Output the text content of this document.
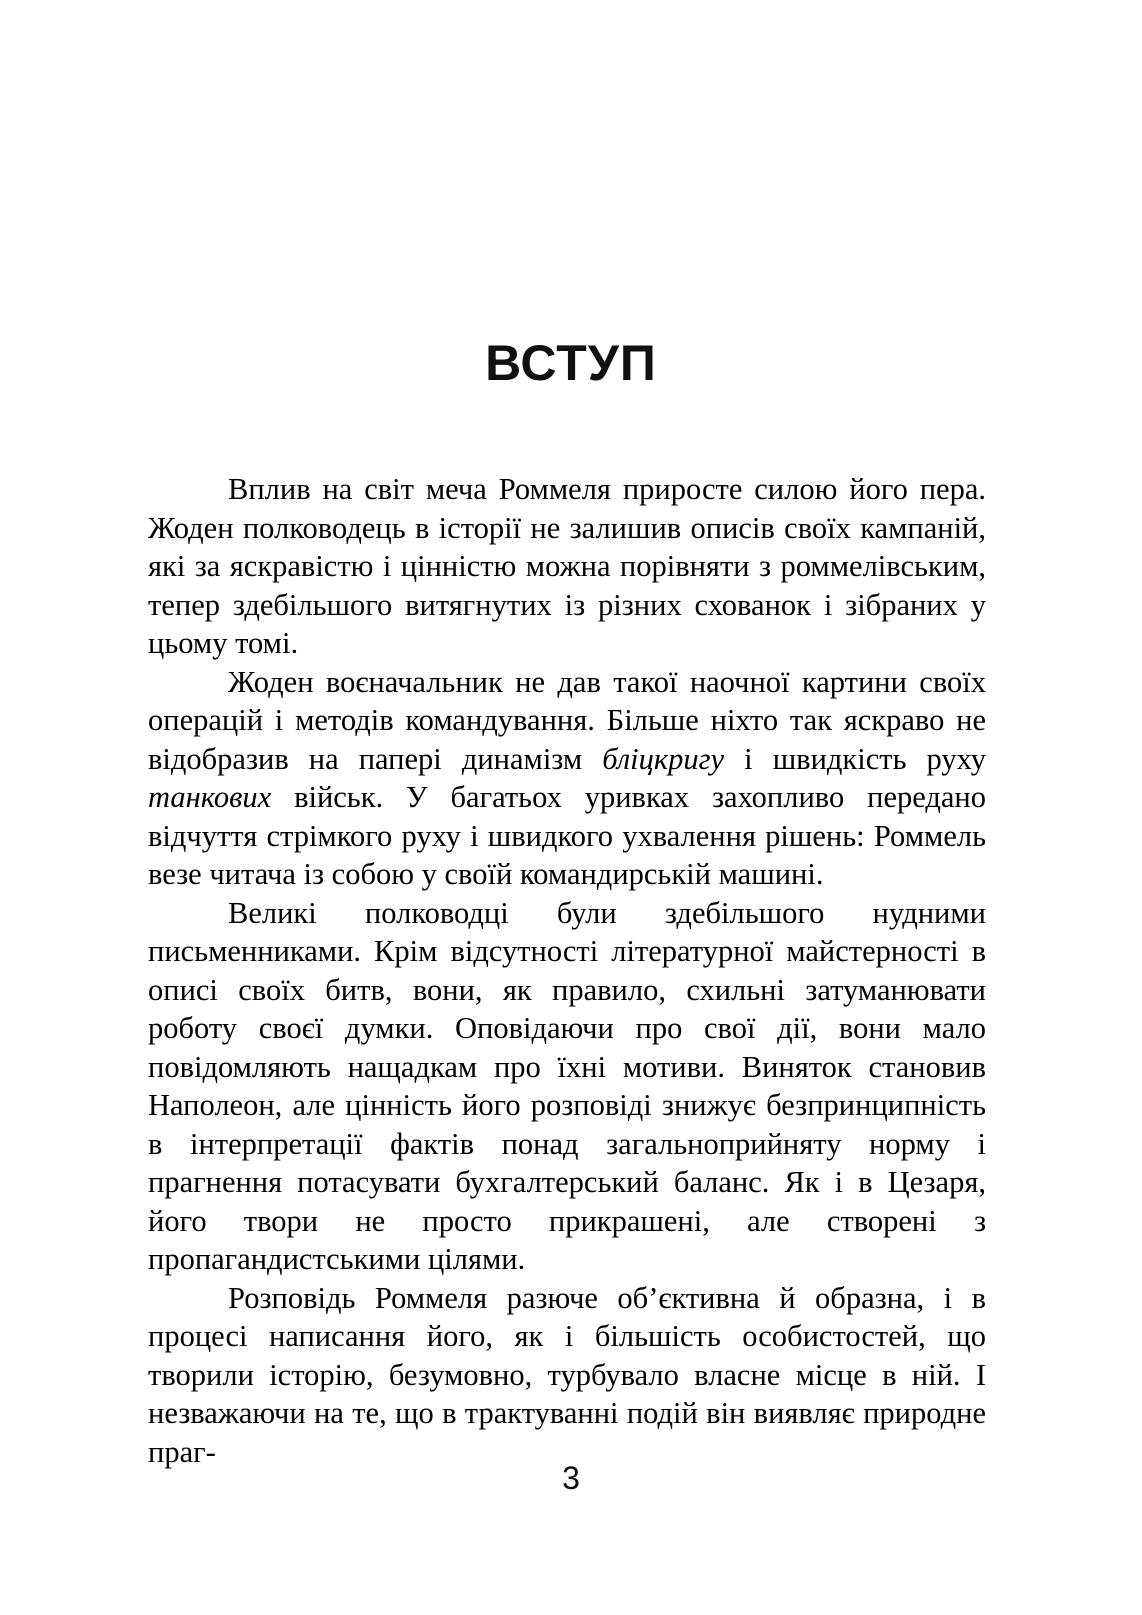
ВСТУП

Вплив на світ меча Роммеля приросте силою його пера. Жоден полководець в історії не залишив описів своїх кампаній, які за яскравістю і цінністю можна порівняти з роммелівським, тепер здебільшого витягнутих із різних схованок і зібраних у цьому томі.

Жоден воєначальник не дав такої наочної картини своїх операцій і методів командування. Більше ніхто так яскраво не відобразив на папері динамізм бліцкригу і швидкість руху танкових військ. У багатьох уривках захопливо передано відчуття стрімкого руху і швидкого ухвалення рішень: Роммель везе читача із собою у своїй командирській машині.

Великі полководці були здебільшого нудними письменниками. Крім відсутності літературної майстерності в описі своїх битв, вони, як правило, схильні затуманювати роботу своєї думки. Оповідаючи про свої дії, вони мало повідомляють нащадкам про їхні мотиви. Виняток становив Наполеон, але цінність його розповіді знижує безпринципність в інтерпретації фактів понад загальноприйняту норму і прагнення потасувати бухгалтерський баланс. Як і в Цезаря, його твори не просто прикрашені, але створені з пропагандистськими цілями.

Розповідь Роммеля разюче об’єктивна й образна, і в процесі написання його, як і більшість особистостей, що творили історію, безумовно, турбувало власне місце в ній. І незважаючи на те, що в трактуванні подій він виявляє природне праг-

3
